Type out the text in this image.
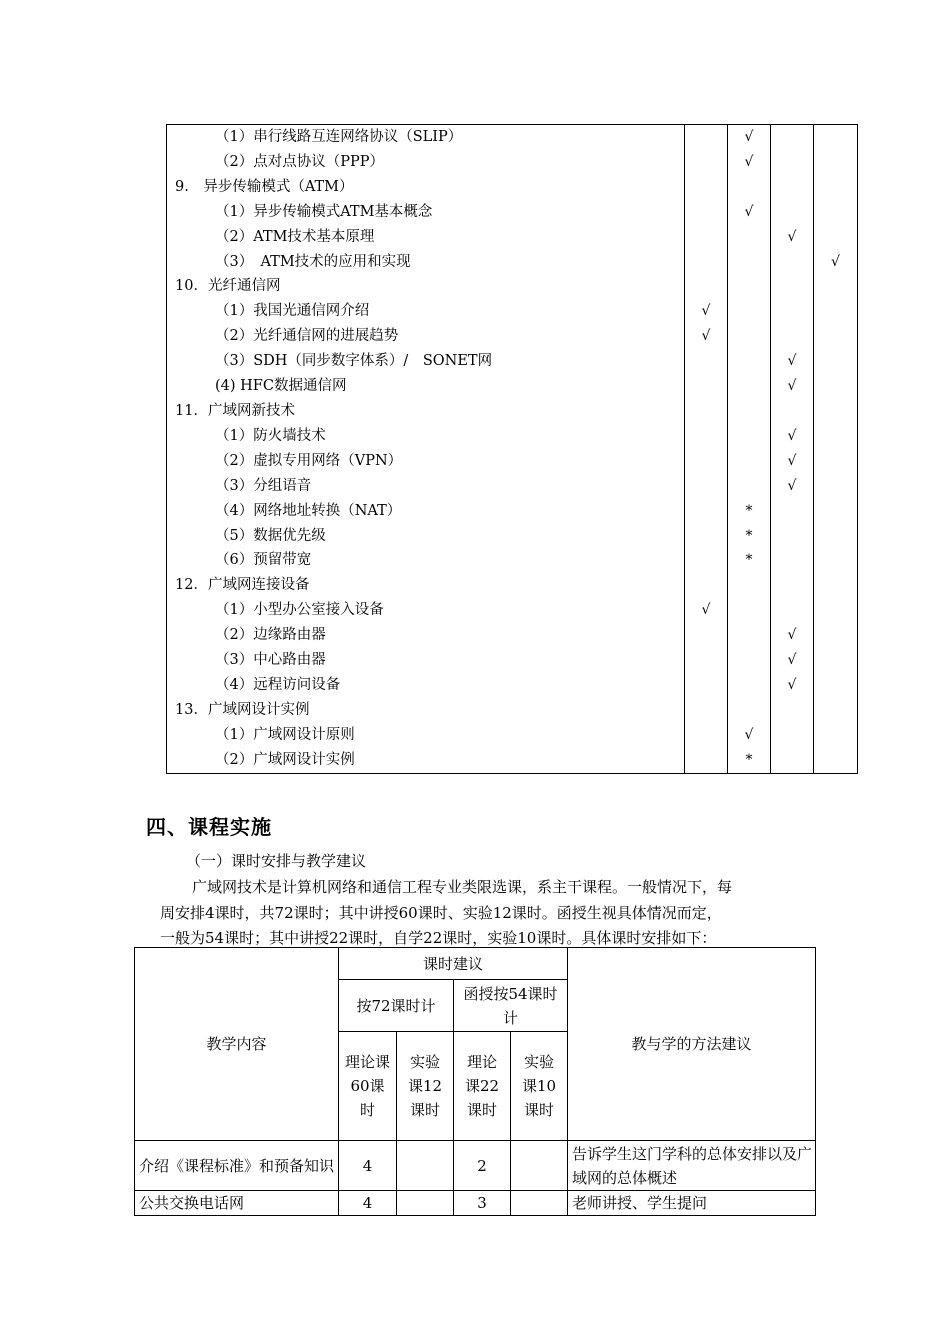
（1）串行线路互连网络协议（SLIP）		√		
（2）点对点协议（PPP）		√		
9.　异步传输模式（ATM）				
（1）异步传输模式ATM基本概念		√		
（2）ATM技术基本原理			√	
（3）　ATM技术的应用和实现				√
10．光纤通信网				
（1）我国光通信网介绍	√			
（2）光纤通信网的进展趋势	√			
（3）SDH（同步数字体系）/　SONET网			√	
(4) HFC数据通信网			√	
11．广域网新技术				
（1）防火墙技术			√	
（2）虚拟专用网络（VPN）			√	
（3）分组语音			√	
（4）网络地址转换（NAT）		*		
（5）数据优先级		*		
（6）预留带宽		*		
12．广域网连接设备				
（1）小型办公室接入设备	√			
（2）边缘路由器			√	
（3）中心路由器			√	
（4）远程访问设备			√	
13．广域网设计实例				
（1）广域网设计原则		√		
（2）广域网设计实例		*		
四、课程实施
（一）课时安排与教学建议

广域网技术是计算机网络和通信工程专业类限选课，系主干课程。一般情况下，每

周安排4课时，共72课时；其中讲授60课时、实验12课时。函授生视具体情况而定，

一般为54课时；其中讲授22课时，自学22课时，实验10课时。具体课时安排如下：

教学内容	课时建议				教与学的方法建议
	按72课时计		函授按54课时计		
	理论课60课时	实验课12课时	理论课22课时	实验课10课时	
介绍《课程标准》和预备知识	4		2		告诉学生这门学科的总体安排以及广域网的总体概述
公共交换电话网	4		3		老师讲授、学生提问
